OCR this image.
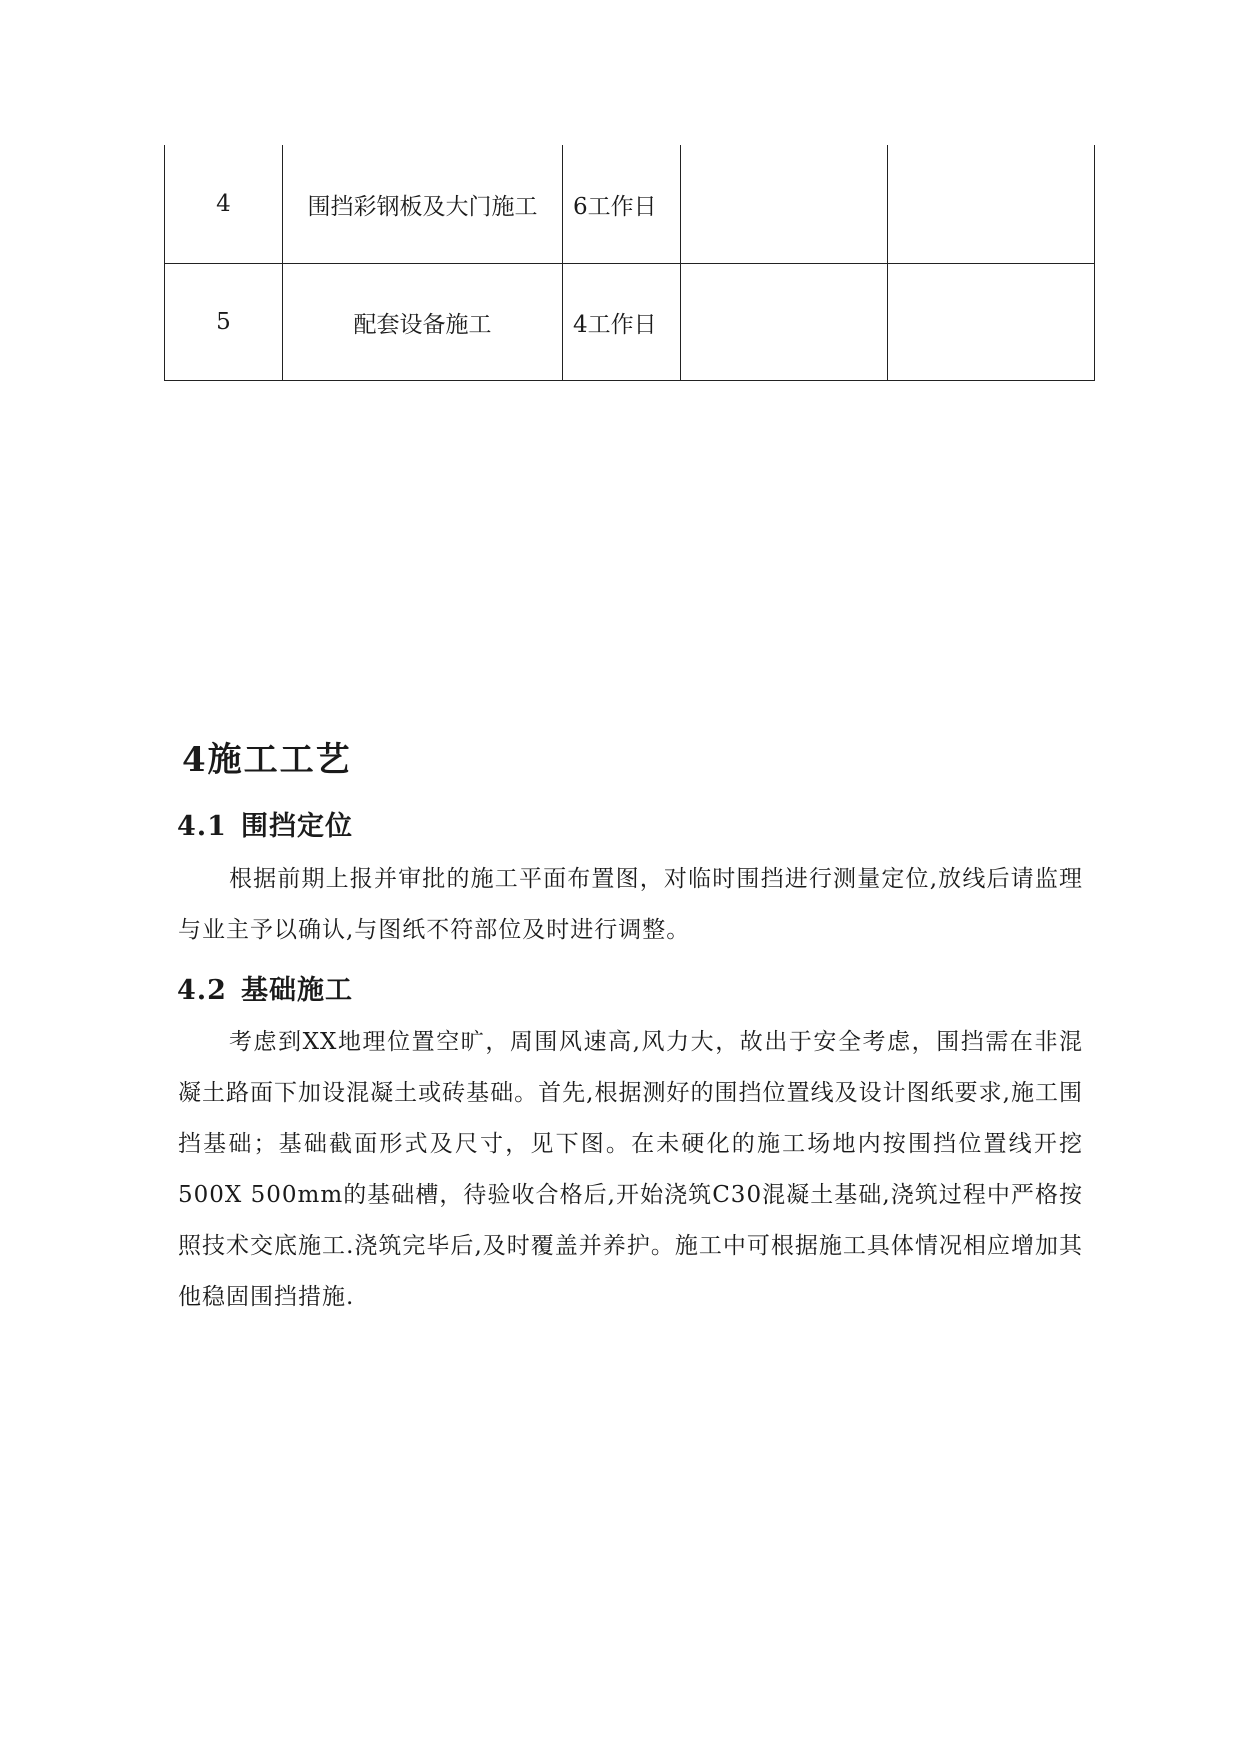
4	围挡彩钢板及大门施工	6工作日		
5	配套设备施工	4工作日		
4施工工艺
4.1 围挡定位

根据前期上报并审批的施工平面布置图，对临时围挡进行测量定位,放线后请监理与业主予以确认,与图纸不符部位及时进行调整。

4.2 基础施工

考虑到XX地理位置空旷，周围风速高,风力大，故出于安全考虑，围挡需在非混凝土路面下加设混凝土或砖基础。首先,根据测好的围挡位置线及设计图纸要求,施工围挡基础；基础截面形式及尺寸，见下图。在未硬化的施工场地内按围挡位置线开挖500X 500mm的基础槽，待验收合格后,开始浇筑C30混凝土基础,浇筑过程中严格按照技术交底施工.浇筑完毕后,及时覆盖并养护。施工中可根据施工具体情况相应增加其他稳固围挡措施.
